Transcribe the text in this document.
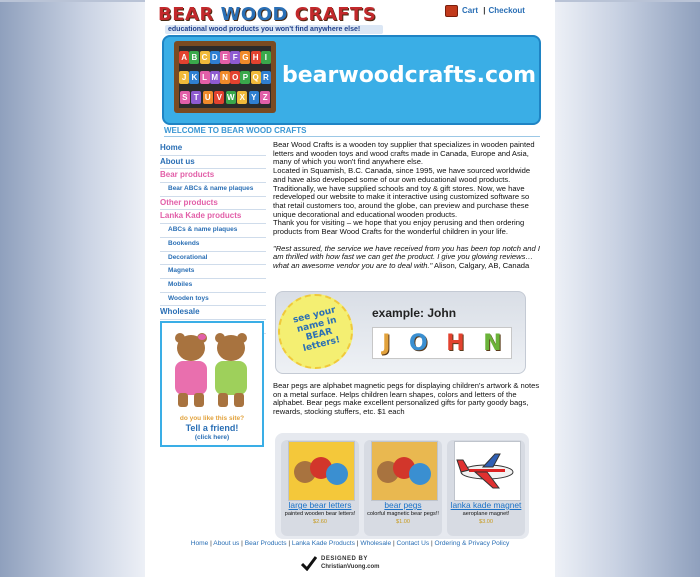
BEAR WOOD CRAFTS
educational wood products you won't find anywhere else!
Cart | Checkout
A B C D E F G H I
J K L M N O P Q R
S T U V W X Y Z
bearwoodcrafts.com
WELCOME TO BEAR WOOD CRAFTS
Home
About us
Bear products
Bear ABCs & name plaques
Other products
Lanka Kade products
ABCs & name plaques
Bookends
Decorational
Magnets
Mobiles
Wooden toys
Wholesale
do you like this site?
Tell a friend!
(click here)

Bear Wood Crafts is a wooden toy supplier that specializes in wooden painted letters and wooden toys and wood crafts made in Canada, Europe and Asia, many of which you won't find anywhere else.
Located in Squamish, B.C. Canada, since 1995, we have sourced worldwide and have also developed some of our own educational wood products. Traditionally, we have supplied schools and toy & gift stores. Now, we have redeveloped our website to make it interactive using customized software so that retail customers too, around the globe, can preview and purchase these unique decorational and educational wooden products.
Thank you for visiting – we hope that you enjoy perusing and then ordering products from Bear Wood Crafts for the wonderful children in your life.

"Rest assured, the service we have received from you has been top notch and I am thrilled with how fast we can get the product. I give you glowing reviews…what an awesome vendor you are to deal with." Alison, Calgary, AB, Canada

see your name in BEAR letters!
example: John
J O H N
Bear pegs are alphabet magnetic pegs for displaying children's artwork & notes on a metal surface. Helps children learn shapes, colors and letters of the alphabet. Bear pegs make excellent personalized gifts for party goody bags, rewards, stocking stuffers, etc. $1 each
large bear letters
painted wooden bear letters!
$2.60
bear pegs
colorful magnetic bear pegs!!
$1.00
lanka kade magnet
aeroplane magnet!
$3.00
Home | About us | Bear Products | Lanka Kade Products | Wholesale | Contact Us | Ordering & Privacy Policy
DESIGNED BY
ChristianVuong.com
